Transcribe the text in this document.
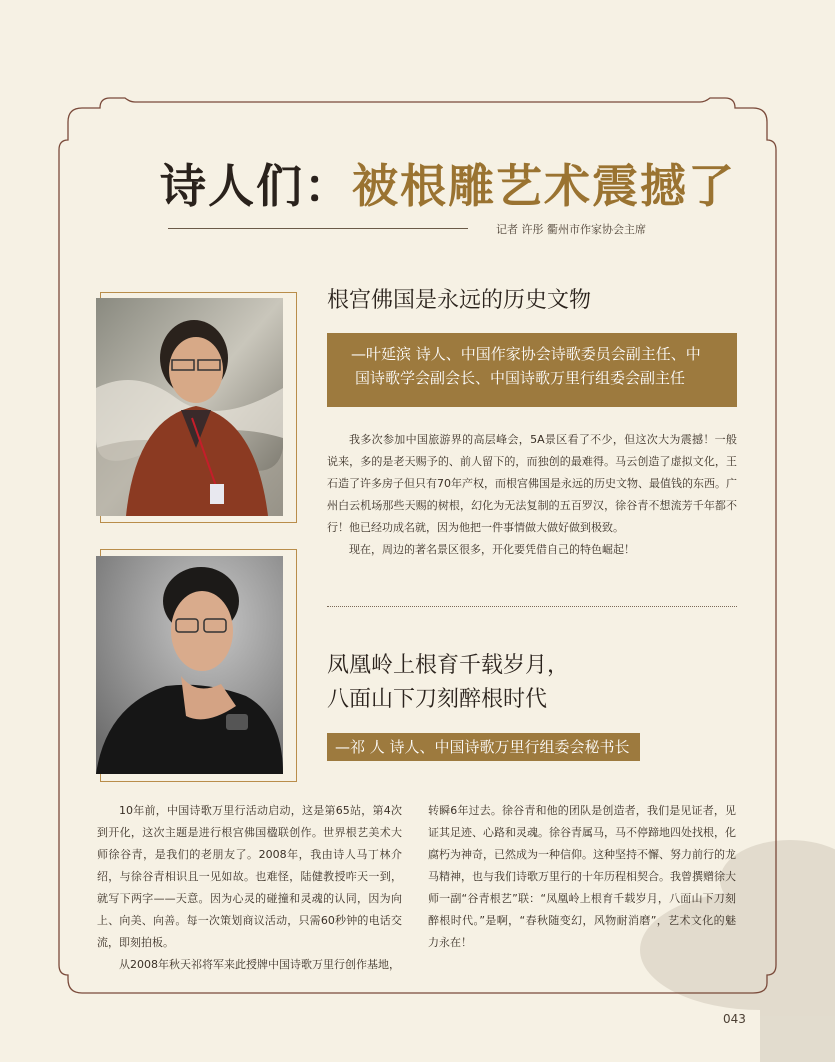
诗人们：被根雕艺术震撼了
记者 许彤 衢州市作家协会主席
根宫佛国是永远的历史文物
—叶延滨 诗人、中国作家协会诗歌委员会副主任、中
国诗歌学会副会长、中国诗歌万里行组委会副主任

我多次参加中国旅游界的高层峰会，5A景区看了不少，但这次大为震撼！一般说来，多的是老天赐予的、前人留下的，而独创的最难得。马云创造了虚拟文化，王石造了许多房子但只有70年产权，而根宫佛国是永远的历史文物、最值钱的东西。广州白云机场那些天赐的树根，幻化为无法复制的五百罗汉，徐谷青不想流芳千年都不行！他已经功成名就，因为他把一件事情做大做好做到极致。

现在，周边的著名景区很多，开化要凭借自己的特色崛起！

凤凰岭上根育千载岁月，
八面山下刀刻醉根时代
—祁 人 诗人、中国诗歌万里行组委会秘书长

10年前，中国诗歌万里行活动启动，这是第65站，第4次到开化，这次主题是进行根宫佛国楹联创作。世界根艺美术大师徐谷青，是我们的老朋友了。2008年，我由诗人马丁林介绍，与徐谷青相识且一见如故。也难怪，陆健教授咋天一到，就写下两字——天意。因为心灵的碰撞和灵魂的认同，因为向上、向美、向善。每一次策划商议活动，只需60秒钟的电话交流，即刻拍板。

从2008年秋天祁将军来此授牌中国诗歌万里行创作基地，

转瞬6年过去。徐谷青和他的团队是创造者，我们是见证者，见证其足迹、心路和灵魂。徐谷青属马，马不停蹄地四处找根，化腐朽为神奇，已然成为一种信仰。这种坚持不懈、努力前行的龙马精神，也与我们诗歌万里行的十年历程相契合。我曾撰赠徐大师一副“谷青根艺”联：“凤凰岭上根育千载岁月，八面山下刀刻醉根时代。”是啊，“春秋随变幻，风物耐消磨”，艺术文化的魅力永在！

043
